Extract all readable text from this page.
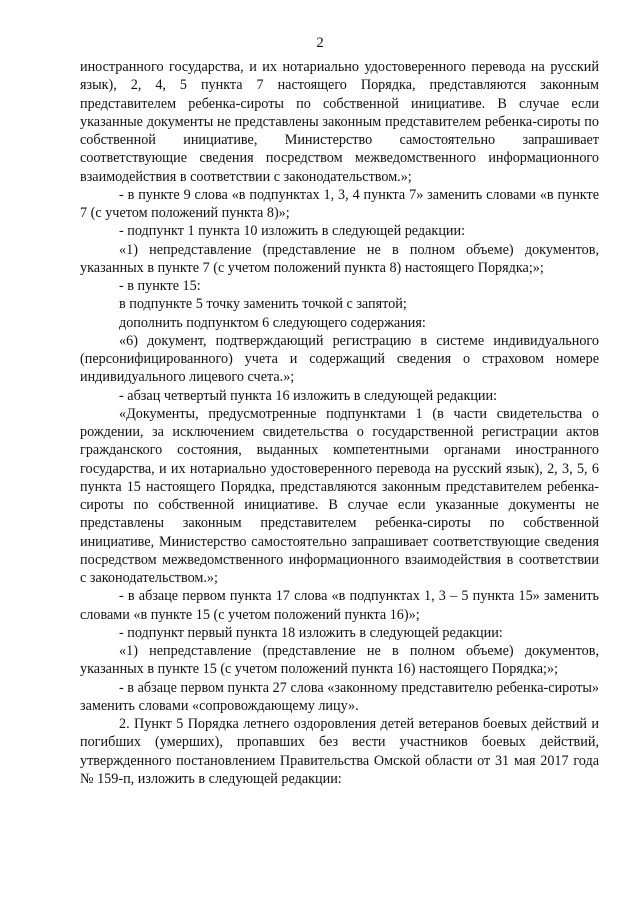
2

иностранного государства, и их нотариально удостоверенного перевода на русский язык), 2, 4, 5 пункта 7 настоящего Порядка, представляются законным представителем ребенка-сироты по собственной инициативе. В случае если указанные документы не представлены законным представителем ребенка-сироты по собственной инициативе, Министерство самостоятельно запрашивает соответствующие сведения посредством межведомственного информационного взаимодействия в соответствии с законодательством.»;

- в пункте 9 слова «в подпунктах 1, 3, 4 пункта 7» заменить словами «в пункте 7 (с учетом положений пункта 8)»;

- подпункт 1 пункта 10 изложить в следующей редакции:

«1) непредставление (представление не в полном объеме) документов, указанных в пункте 7 (с учетом положений пункта 8) настоящего Порядка;»;

- в пункте 15:

в подпункте 5 точку заменить точкой с запятой;

дополнить подпунктом 6 следующего содержания:

«6) документ, подтверждающий регистрацию в системе индивидуального (персонифицированного) учета и содержащий сведения о страховом номере индивидуального лицевого счета.»;

- абзац четвертый пункта 16 изложить в следующей редакции:

«Документы, предусмотренные подпунктами 1 (в части свидетельства о рождении, за исключением свидетельства о государственной регистрации актов гражданского состояния, выданных компетентными органами иностранного государства, и их нотариально удостоверенного перевода на русский язык), 2, 3, 5, 6 пункта 15 настоящего Порядка, представляются законным представителем ребенка-сироты по собственной инициативе. В случае если указанные документы не представлены законным представителем ребенка-сироты по собственной инициативе, Министерство самостоятельно запрашивает соответствующие сведения посредством межведомственного информационного взаимодействия в соответствии с законодательством.»;

- в абзаце первом пункта 17 слова «в подпунктах 1, 3 – 5 пункта 15» заменить словами «в пункте 15 (с учетом положений пункта 16)»;

- подпункт первый пункта 18 изложить в следующей редакции:

«1) непредставление (представление не в полном объеме) документов, указанных в пункте 15 (с учетом положений пункта 16) настоящего Порядка;»;

- в абзаце первом пункта 27 слова «законному представителю ребенка-сироты» заменить словами «сопровождающему лицу».

2. Пункт 5 Порядка летнего оздоровления детей ветеранов боевых действий и погибших (умерших), пропавших без вести участников боевых действий, утвержденного постановлением Правительства Омской области от 31 мая 2017 года № 159-п, изложить в следующей редакции:
